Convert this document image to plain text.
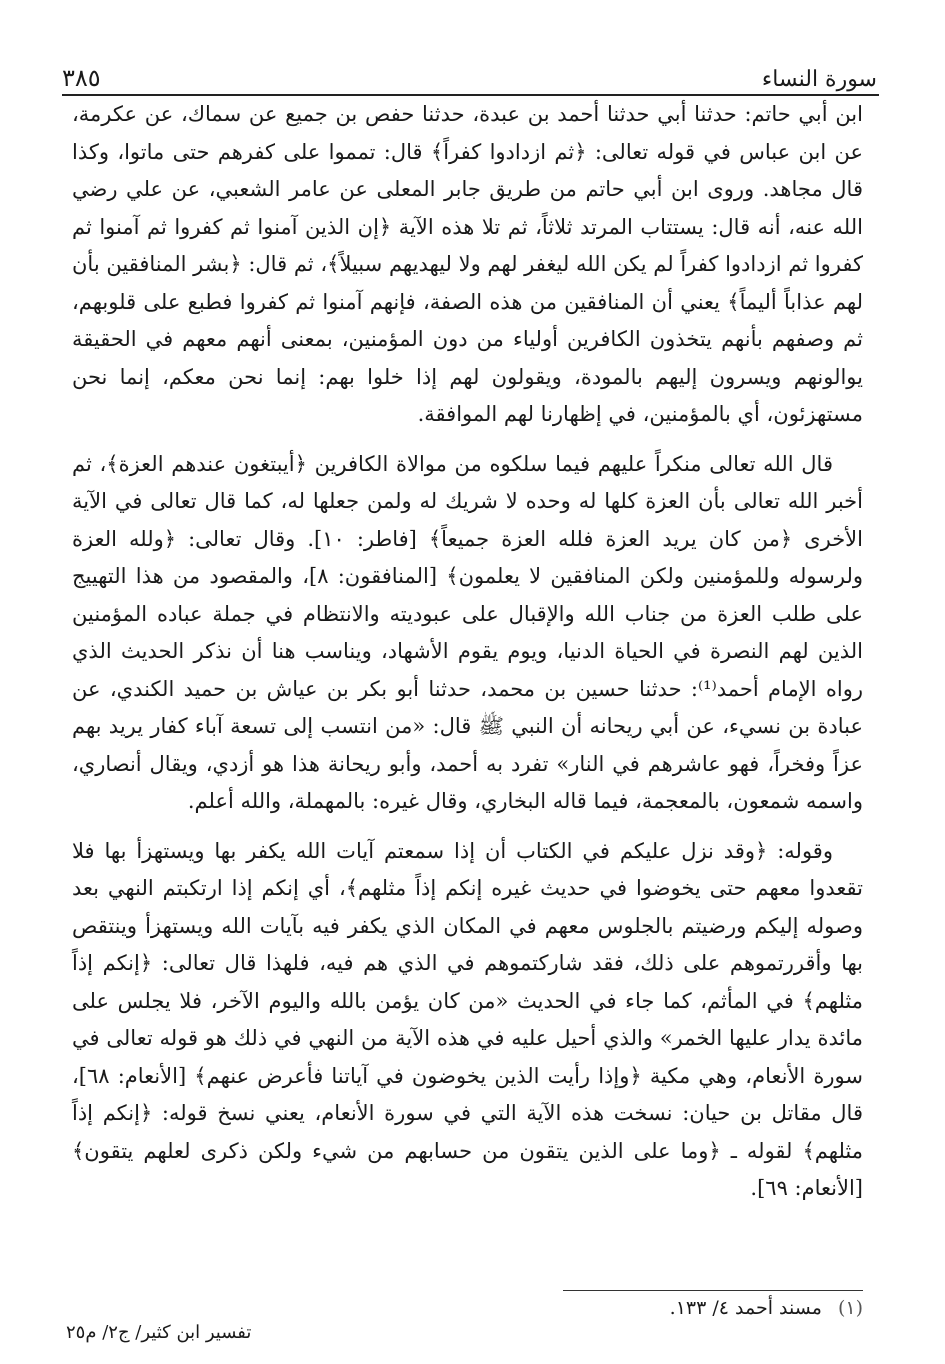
سورة النساء
٣٨٥

ابن أبي حاتم: حدثنا أبي حدثنا أحمد بن عبدة، حدثنا حفص بن جميع عن سماك، عن عكرمة، عن ابن عباس في قوله تعالى: ﴿ثم ازدادوا كفراً﴾ قال: تمموا على كفرهم حتى ماتوا، وكذا قال مجاهد. وروى ابن أبي حاتم من طريق جابر المعلى عن عامر الشعبي، عن علي رضي الله عنه، أنه قال: يستتاب المرتد ثلاثاً، ثم تلا هذه الآية ﴿إن الذين آمنوا ثم كفروا ثم آمنوا ثم كفروا ثم ازدادوا كفراً لم يكن الله ليغفر لهم ولا ليهديهم سبيلاً﴾، ثم قال: ﴿بشر المنافقين بأن لهم عذاباً أليماً﴾ يعني أن المنافقين من هذه الصفة، فإنهم آمنوا ثم كفروا فطبع على قلوبهم، ثم وصفهم بأنهم يتخذون الكافرين أولياء من دون المؤمنين، بمعنى أنهم معهم في الحقيقة يوالونهم ويسرون إليهم بالمودة، ويقولون لهم إذا خلوا بهم: إنما نحن معكم، إنما نحن مستهزئون، أي بالمؤمنين، في إظهارنا لهم الموافقة.

قال الله تعالى منكراً عليهم فيما سلكوه من موالاة الكافرين ﴿أيبتغون عندهم العزة﴾، ثم أخبر الله تعالى بأن العزة كلها له وحده لا شريك له ولمن جعلها له، كما قال تعالى في الآية الأخرى ﴿من كان يريد العزة فلله العزة جميعاً﴾ [فاطر: ١٠]. وقال تعالى: ﴿ولله العزة ولرسوله وللمؤمنين ولكن المنافقين لا يعلمون﴾ [المنافقون: ٨]، والمقصود من هذا التهييج على طلب العزة من جناب الله والإقبال على عبوديته والانتظام في جملة عباده المؤمنين الذين لهم النصرة في الحياة الدنيا، ويوم يقوم الأشهاد، ويناسب هنا أن نذكر الحديث الذي رواه الإمام أحمد⁽¹⁾: حدثنا حسين بن محمد، حدثنا أبو بكر بن عياش بن حميد الكندي، عن عبادة بن نسيء، عن أبي ريحانه أن النبي ﷺ قال: «من انتسب إلى تسعة آباء كفار يريد بهم عزاً وفخراً، فهو عاشرهم في النار» تفرد به أحمد، وأبو ريحانة هذا هو أزدي، ويقال أنصاري، واسمه شمعون، بالمعجمة، فيما قاله البخاري، وقال غيره: بالمهملة، والله أعلم.

وقوله: ﴿وقد نزل عليكم في الكتاب أن إذا سمعتم آيات الله يكفر بها ويستهزأ بها فلا تقعدوا معهم حتى يخوضوا في حديث غيره إنكم إذاً مثلهم﴾، أي إنكم إذا ارتكبتم النهي بعد وصوله إليكم ورضيتم بالجلوس معهم في المكان الذي يكفر فيه بآيات الله ويستهزأ وينتقص بها وأقررتموهم على ذلك، فقد شاركتموهم في الذي هم فيه، فلهذا قال تعالى: ﴿إنكم إذاً مثلهم﴾ في المأثم، كما جاء في الحديث «من كان يؤمن بالله واليوم الآخر، فلا يجلس على مائدة يدار عليها الخمر» والذي أحيل عليه في هذه الآية من النهي في ذلك هو قوله تعالى في سورة الأنعام، وهي مكية ﴿وإذا رأيت الذين يخوضون في آياتنا فأعرض عنهم﴾ [الأنعام: ٦٨]، قال مقاتل بن حيان: نسخت هذه الآية التي في سورة الأنعام، يعني نسخ قوله: ﴿إنكم إذاً مثلهم﴾ لقوله ـ ﴿وما على الذين يتقون من حسابهم من شيء ولكن ذكرى لعلهم يتقون﴾ [الأنعام: ٦٩].

(١) مسند أحمد ٤/ ١٣٣.
تفسير ابن كثير/ ج٢/ م٢٥
